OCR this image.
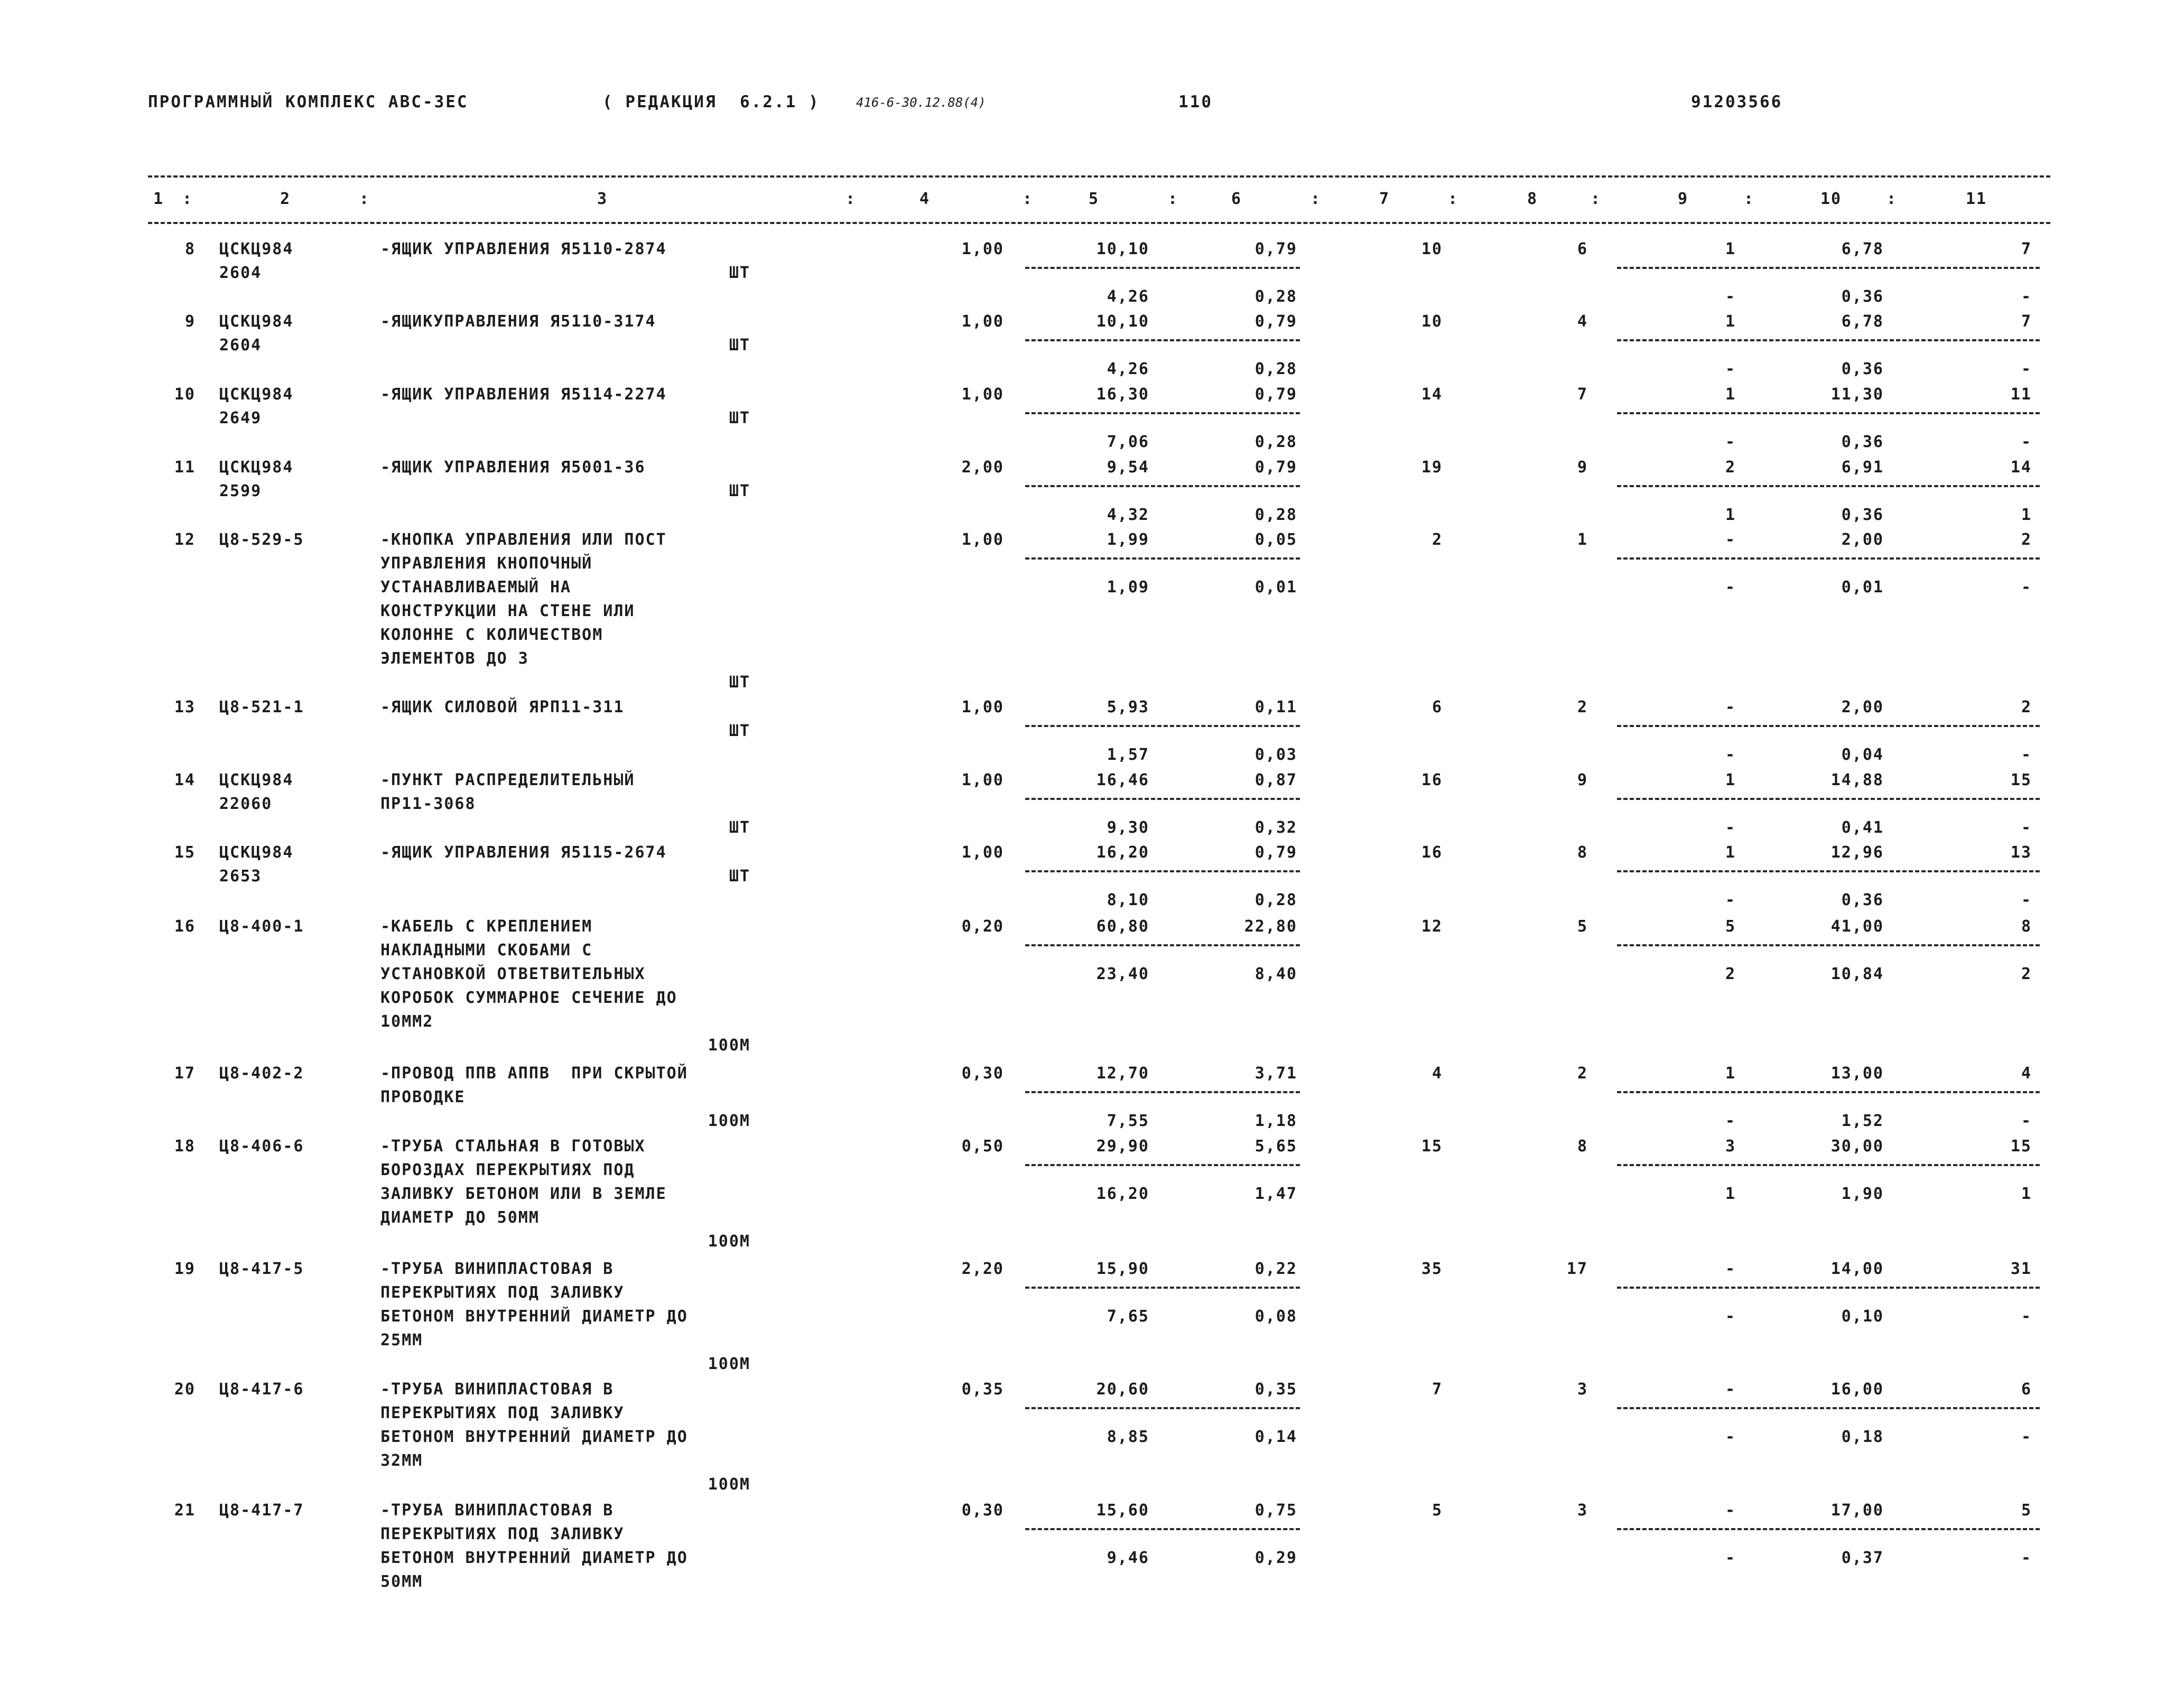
ПРОГРАММНЫЙ КОМПЛЕКС АВС-3ЕС	( РЕДАКЦИЯ  6.2.1 )	416-6-30.12.88(4)	110	91203566
1 :	2	:	3	:	4	:	5	:	6	:	7	:	8	:	9	:	10	:	11
8 ЦСКЦ984
2604
-ЯЩИК УПРАВЛЕНИЯ Я5110-2874
ШТ
1,00	10,10	0,79	10	6	1	6,78	7
4,26	0,28	-	0,36	-
9 ЦСКЦ984
2604
-ЯЩИКУПРАВЛЕНИЯ Я5110-3174
ШТ
1,00	10,10	0,79	10	4	1	6,78	7
4,26	0,28	-	0,36	-
10 ЦСКЦ984
2649
-ЯЩИК УПРАВЛЕНИЯ Я5114-2274
ШТ
1,00	16,30	0,79	14	7	1	11,30	11
7,06	0,28	-	0,36	-
11 ЦСКЦ984
2599
-ЯЩИК УПРАВЛЕНИЯ Я5001-36
ШТ
2,00	9,54	0,79	19	9	2	6,91	14
4,32	0,28	1	0,36	1
12 Ц8-529-5	-КНОПКА УПРАВЛЕНИЯ ИЛИ ПОСТ
УПРАВЛЕНИЯ КНОПОЧНЫЙ
УСТАНАВЛИВАЕМЫЙ НА
КОНСТРУКЦИИ НА СТЕНЕ ИЛИ
КОЛОННЕ С КОЛИЧЕСТВОМ
ЭЛЕМЕНТОВ ДО 3
ШТ
1,00	1,99	0,05	2	1	-	2,00	2
1,09	0,01	-	0,01	-
13 Ц8-521-1	-ЯЩИК СИЛОВОЙ ЯРП11-311
ШТ
1,00	5,93	0,11	6	2	-	2,00	2
1,57	0,03	-	0,04	-
14 ЦСКЦ984
22060
-ПУНКТ РАСПРЕДЕЛИТЕЛЬНЫЙ
ПР11-3068
ШТ
1,00	16,46	0,87	16	9	1	14,88	15
9,30	0,32	-	0,41	-
15 ЦСКЦ984
2653
-ЯЩИК УПРАВЛЕНИЯ Я5115-2674
ШТ
1,00	16,20	0,79	16	8	1	12,96	13
8,10	0,28	-	0,36	-
16 Ц8-400-1	-КАБЕЛЬ С КРЕПЛЕНИЕМ
НАКЛАДНЫМИ СКОБАМИ С
УСТАНОВКОЙ ОТВЕТВИТЕЛЬНЫХ
КОРОБОК СУММАРНОЕ СЕЧЕНИЕ ДО
10ММ2
100М
0,20	60,80	22,80	12	5	5	41,00	8
23,40	8,40	2	10,84	2
17 Ц8-402-2	-ПРОВОД ППВ АППВ  ПРИ СКРЫТОЙ
ПРОВОДКЕ
100М
0,30	12,70	3,71	4	2	1	13,00	4
7,55	1,18	-	1,52	-
18 Ц8-406-6	-ТРУБА СТАЛЬНАЯ В ГОТОВЫХ
БОРОЗДАХ ПЕРЕКРЫТИЯХ ПОД
ЗАЛИВКУ БЕТОНОМ ИЛИ В ЗЕМЛЕ
ДИАМЕТР ДО 50ММ
100М
0,50	29,90	5,65	15	8	3	30,00	15
16,20	1,47	1	1,90	1
19 Ц8-417-5	-ТРУБА ВИНИПЛАСТОВАЯ В
ПЕРЕКРЫТИЯХ ПОД ЗАЛИВКУ
БЕТОНОМ ВНУТРЕННИЙ ДИАМЕТР ДО
25ММ
100М
2,20	15,90	0,22	35	17	-	14,00	31
7,65	0,08	-	0,10	-
20 Ц8-417-6	-ТРУБА ВИНИПЛАСТОВАЯ В
ПЕРЕКРЫТИЯХ ПОД ЗАЛИВКУ
БЕТОНОМ ВНУТРЕННИЙ ДИАМЕТР ДО
32ММ
100М
0,35	20,60	0,35	7	3	-	16,00	6
8,85	0,14	-	0,18	-
21 Ц8-417-7	-ТРУБА ВИНИПЛАСТОВАЯ В
ПЕРЕКРЫТИЯХ ПОД ЗАЛИВКУ
БЕТОНОМ ВНУТРЕННИЙ ДИАМЕТР ДО
50ММ
0,30	15,60	0,75	5	3	-	17,00	5
9,46	0,29	-	0,37	-
